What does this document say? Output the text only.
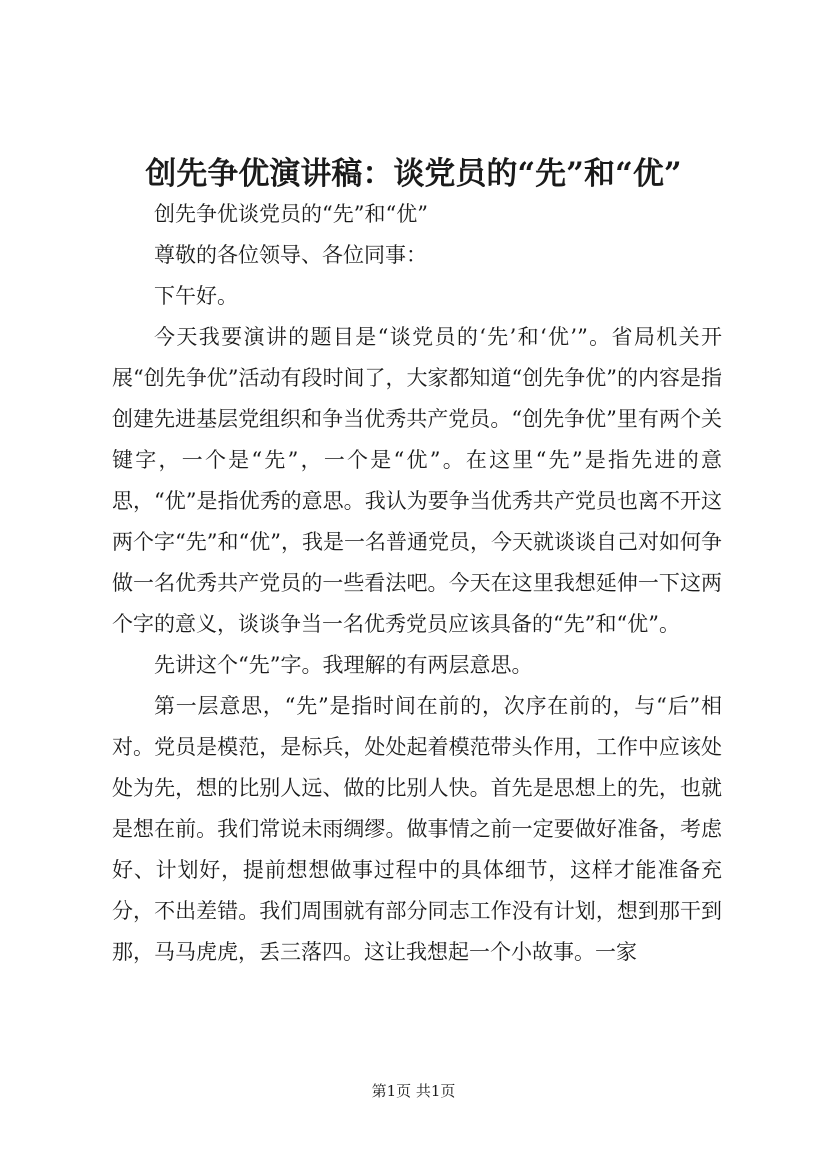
创先争优演讲稿：谈党员的“先”和“优”

创先争优谈党员的“先”和“优”

尊敬的各位领导、各位同事：

下午好。

今天我要演讲的题目是“谈党员的‘先’和‘优’”。省局机关开展“创先争优”活动有段时间了，大家都知道“创先争优”的内容是指创建先进基层党组织和争当优秀共产党员。“创先争优”里有两个关键字，一个是“先”，一个是“优”。在这里“先”是指先进的意思，“优”是指优秀的意思。我认为要争当优秀共产党员也离不开这两个字“先”和“优”，我是一名普通党员，今天就谈谈自己对如何争做一名优秀共产党员的一些看法吧。今天在这里我想延伸一下这两个字的意义，谈谈争当一名优秀党员应该具备的“先”和“优”。

先讲这个“先”字。我理解的有两层意思。

第一层意思，“先”是指时间在前的，次序在前的，与“后”相对。党员是模范，是标兵，处处起着模范带头作用，工作中应该处处为先，想的比别人远、做的比别人快。首先是思想上的先，也就是想在前。我们常说未雨绸缪。做事情之前一定要做好准备，考虑好、计划好，提前想想做事过程中的具体细节，这样才能准备充分，不出差错。我们周围就有部分同志工作没有计划，想到那干到那，马马虎虎，丢三落四。这让我想起一个小故事。一家

第1页 共1页
